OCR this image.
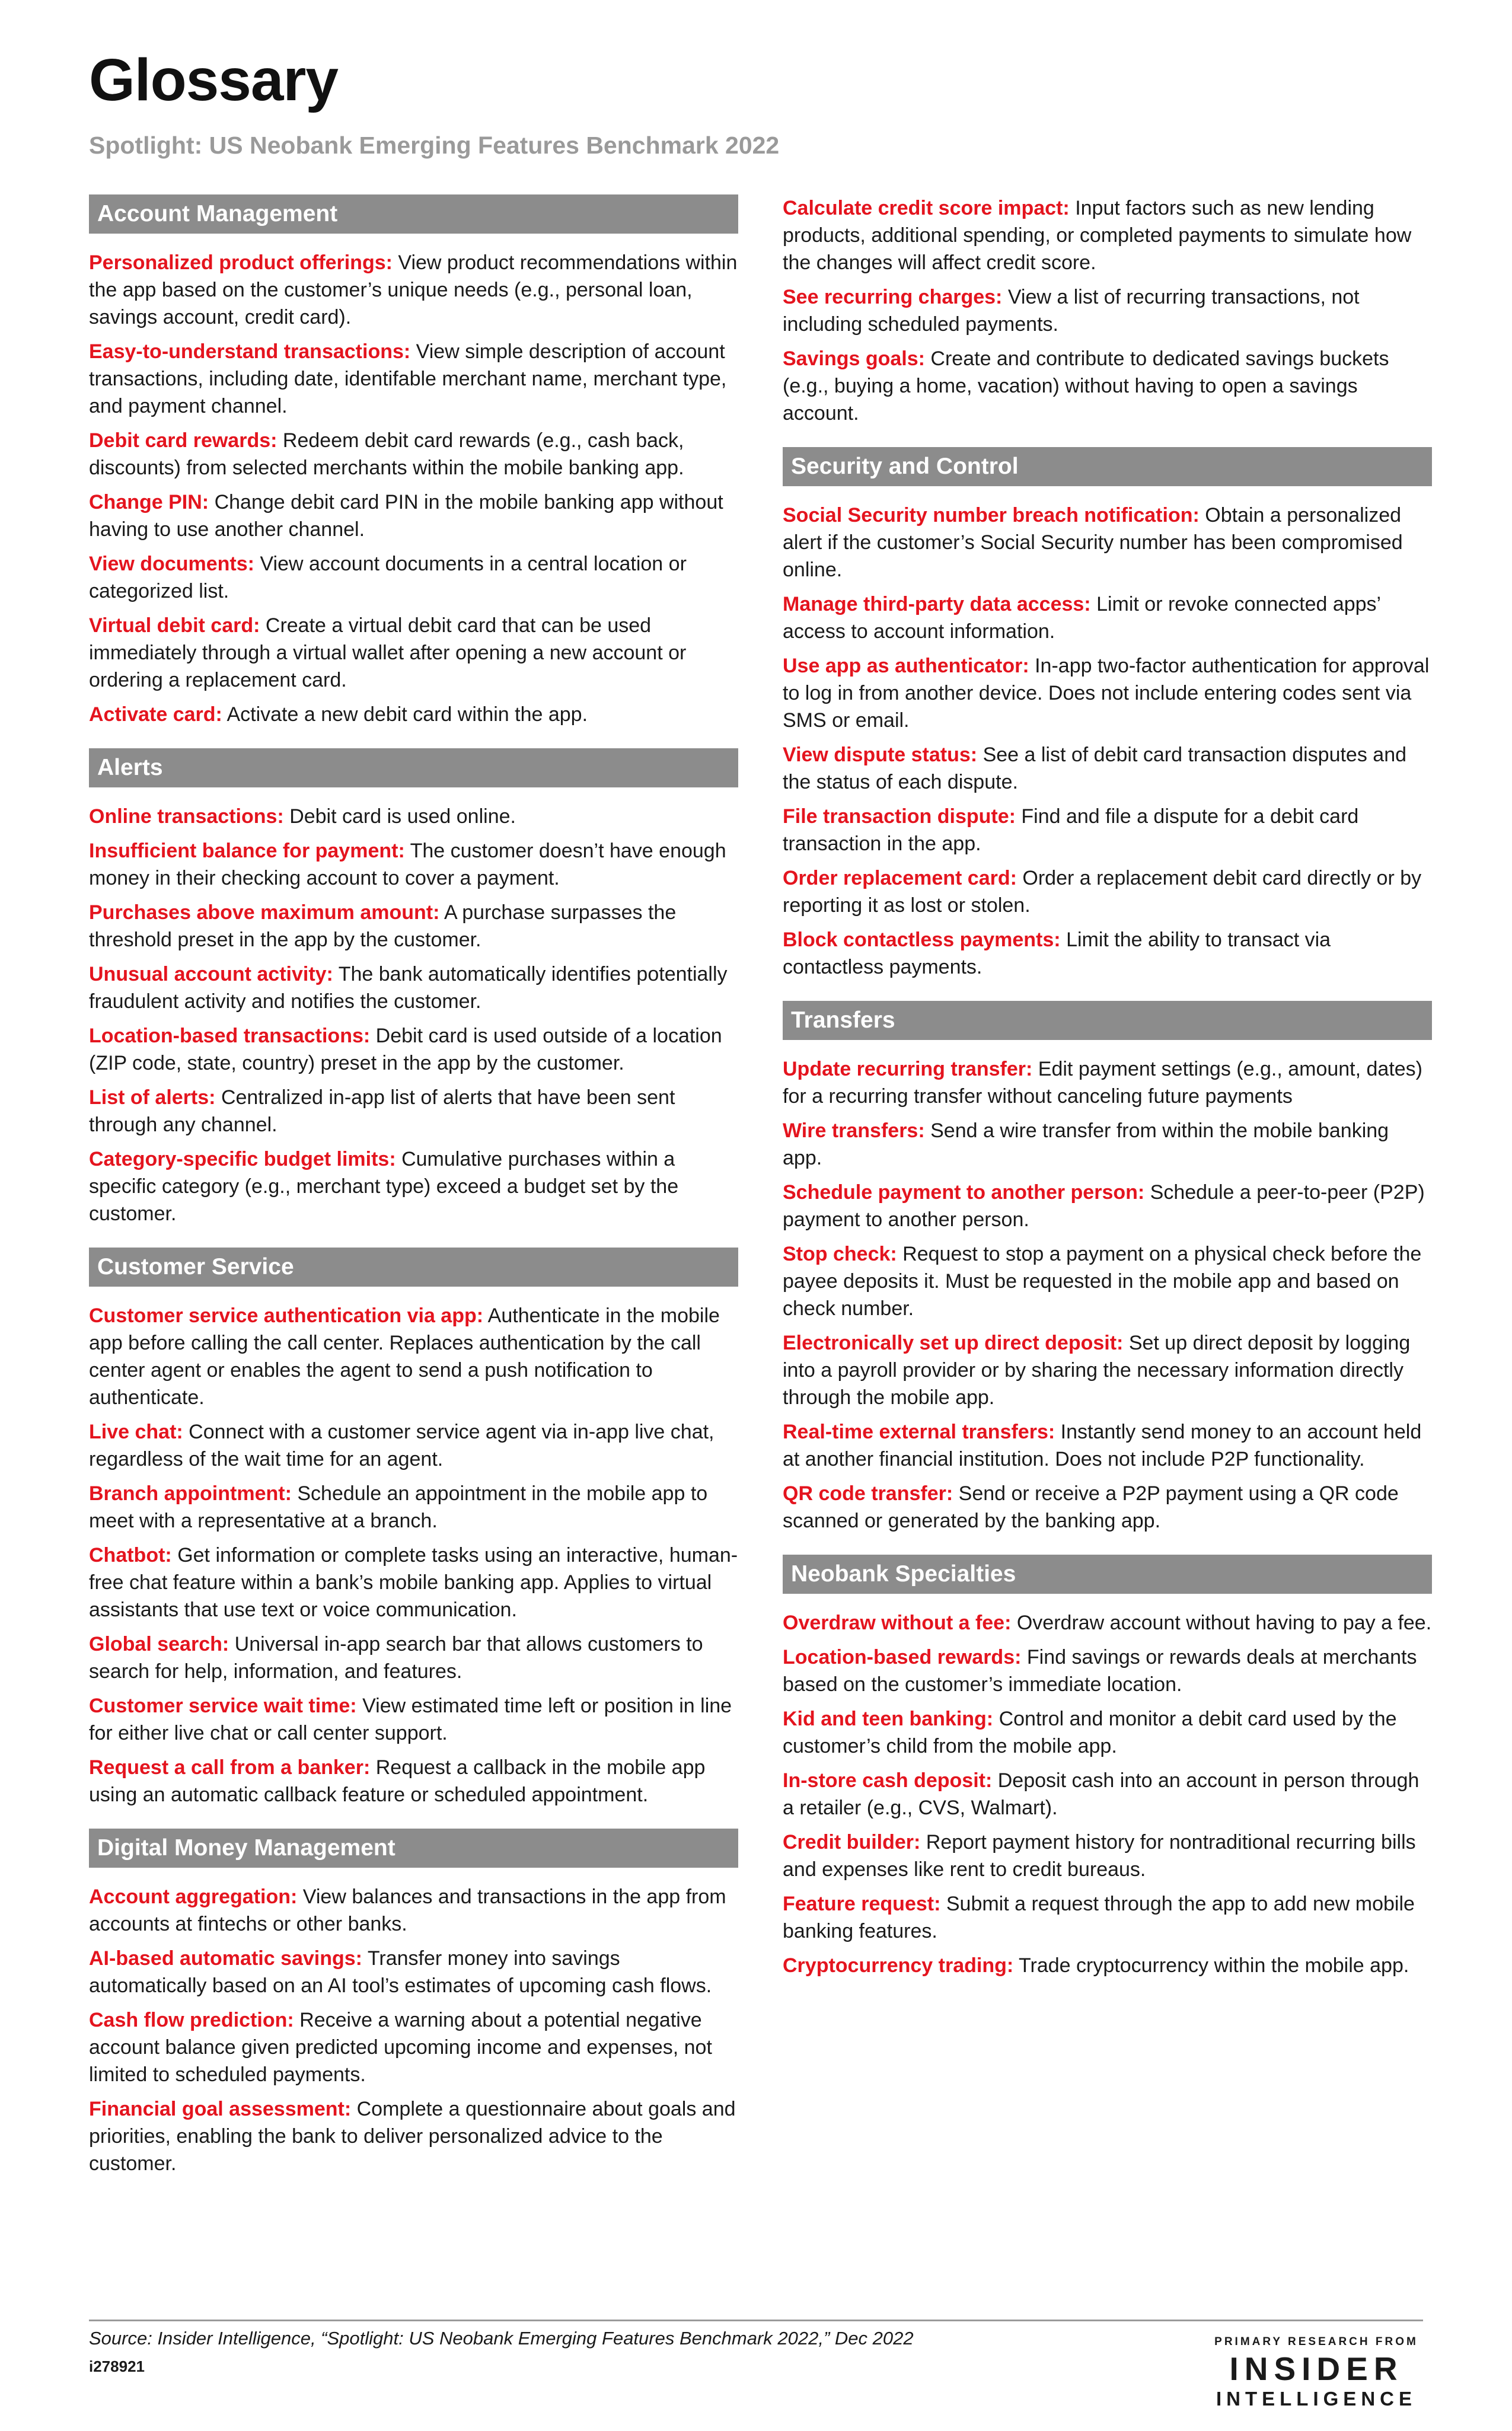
Glossary
Spotlight: US Neobank Emerging Features Benchmark 2022
Account Management

Personalized product offerings: View product recommendations within the app based on the customer’s unique needs (e.g., personal loan, savings account, credit card).

Easy-to-understand transactions: View simple description of account transactions, including date, identifable merchant name, merchant type, and payment channel.

Debit card rewards: Redeem debit card rewards (e.g., cash back, discounts) from selected merchants within the mobile banking app.

Change PIN: Change debit card PIN in the mobile banking app without having to use another channel.

View documents: View account documents in a central location or categorized list.

Virtual debit card: Create a virtual debit card that can be used immediately through a virtual wallet after opening a new account or ordering a replacement card.

Activate card: Activate a new debit card within the app.

Alerts

Online transactions: Debit card is used online.

Insufficient balance for payment: The customer doesn’t have enough money in their checking account to cover a payment.

Purchases above maximum amount: A purchase surpasses the threshold preset in the app by the customer.

Unusual account activity: The bank automatically identifies potentially fraudulent activity and notifies the customer.

Location-based transactions: Debit card is used outside of a location (ZIP code, state, country) preset in the app by the customer.

List of alerts: Centralized in-app list of alerts that have been sent through any channel.

Category-specific budget limits: Cumulative purchases within a specific category (e.g., merchant type) exceed a budget set by the customer.

Customer Service

Customer service authentication via app: Authenticate in the mobile app before calling the call center. Replaces authentication by the call center agent or enables the agent to send a push notification to authenticate.

Live chat: Connect with a customer service agent via in-app live chat, regardless of the wait time for an agent.

Branch appointment: Schedule an appointment in the mobile app to meet with a representative at a branch.

Chatbot: Get information or complete tasks using an interactive, human-free chat feature within a bank’s mobile banking app. Applies to virtual assistants that use text or voice communication.

Global search: Universal in-app search bar that allows customers to search for help, information, and features.

Customer service wait time: View estimated time left or position in line for either live chat or call center support.

Request a call from a banker: Request a callback in the mobile app using an automatic callback feature or scheduled appointment.

Digital Money Management

Account aggregation: View balances and transactions in the app from accounts at fintechs or other banks.

AI-based automatic savings: Transfer money into savings automatically based on an AI tool’s estimates of upcoming cash flows.

Cash flow prediction: Receive a warning about a potential negative account balance given predicted upcoming income and expenses, not limited to scheduled payments.

Financial goal assessment: Complete a questionnaire about goals and priorities, enabling the bank to deliver personalized advice to the customer.

Calculate credit score impact: Input factors such as new lending products, additional spending, or completed payments to simulate how the changes will affect credit score.

See recurring charges: View a list of recurring transactions, not including scheduled payments.

Savings goals: Create and contribute to dedicated savings buckets (e.g., buying a home, vacation) without having to open a savings account.

Security and Control

Social Security number breach notification: Obtain a personalized alert if the customer’s Social Security number has been compromised online.

Manage third-party data access: Limit or revoke connected apps’ access to account information.

Use app as authenticator: In-app two-factor authentication for approval to log in from another device. Does not include entering codes sent via SMS or email.

View dispute status: See a list of debit card transaction disputes and the status of each dispute.

File transaction dispute: Find and file a dispute for a debit card transaction in the app.

Order replacement card: Order a replacement debit card directly or by reporting it as lost or stolen.

Block contactless payments: Limit the ability to transact via contactless payments.

Transfers

Update recurring transfer: Edit payment settings (e.g., amount, dates) for a recurring transfer without canceling future payments

Wire transfers: Send a wire transfer from within the mobile banking app.

Schedule payment to another person: Schedule a peer-to-peer (P2P) payment to another person.

Stop check: Request to stop a payment on a physical check before the payee deposits it. Must be requested in the mobile app and based on check number.

Electronically set up direct deposit: Set up direct deposit by logging into a payroll provider or by sharing the necessary information directly through the mobile app.

Real-time external transfers: Instantly send money to an account held at another financial institution. Does not include P2P functionality.

QR code transfer: Send or receive a P2P payment using a QR code scanned or generated by the banking app.

Neobank Specialties

Overdraw without a fee: Overdraw account without having to pay a fee.

Location-based rewards: Find savings or rewards deals at merchants based on the customer’s immediate location.

Kid and teen banking: Control and monitor a debit card used by the customer’s child from the mobile app.

In-store cash deposit: Deposit cash into an account in person through a retailer (e.g., CVS, Walmart).

Credit builder: Report payment history for nontraditional recurring bills and expenses like rent to credit bureaus.

Feature request: Submit a request through the app to add new mobile banking features.

Cryptocurrency trading: Trade cryptocurrency within the mobile app.

Source: Insider Intelligence, “Spotlight: US Neobank Emerging Features Benchmark 2022,” Dec 2022
i278921
PRIMARY RESEARCH FROM
INSIDER
INTELLIGENCE
